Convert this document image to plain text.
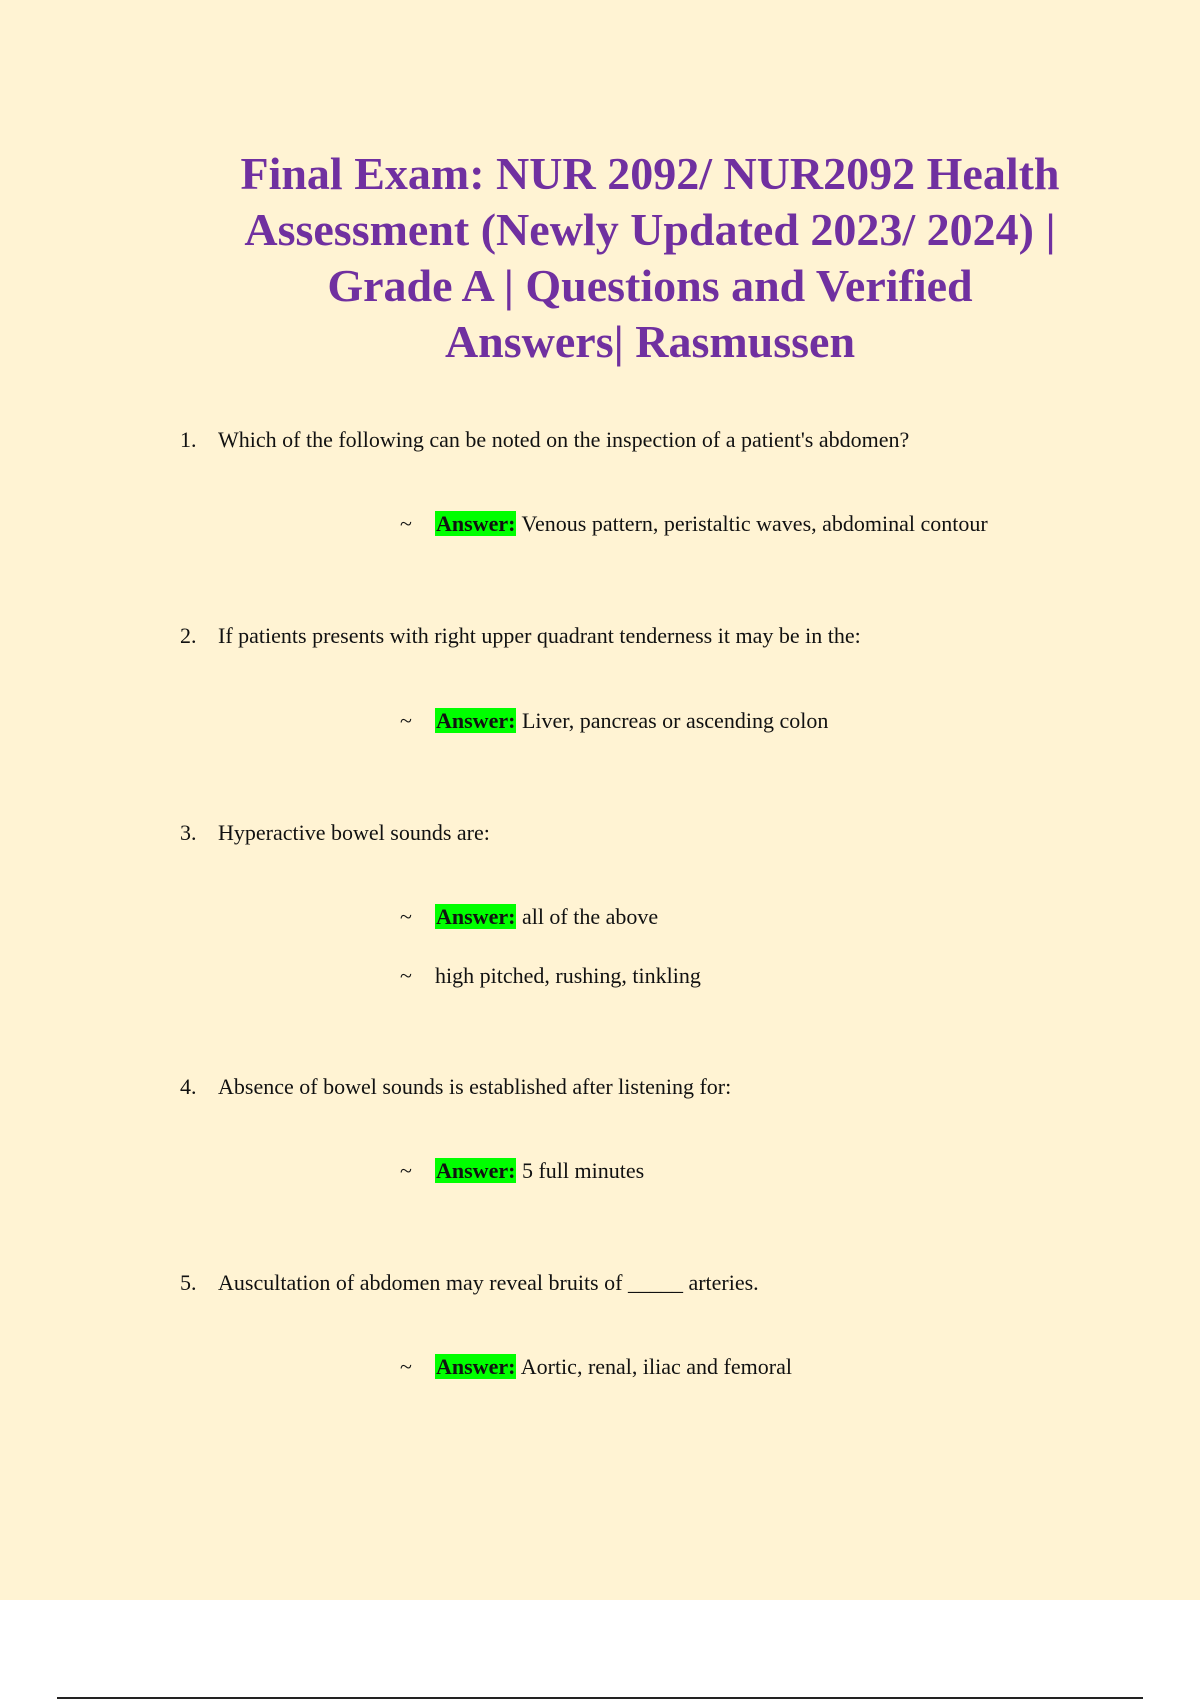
Final Exam: NUR 2092/ NUR2092 Health
Assessment (Newly Updated 2023/ 2024) |
Grade A | Questions and Verified
Answers| Rasmussen
1. Which of the following can be noted on the inspection of a patient's abdomen?
~ Answer: Venous pattern, peristaltic waves, abdominal contour
2. If patients presents with right upper quadrant tenderness it may be in the:
~ Answer: Liver, pancreas or ascending colon
3. Hyperactive bowel sounds are:
~ Answer: all of the above
~ high pitched, rushing, tinkling
4. Absence of bowel sounds is established after listening for:
~ Answer: 5 full minutes
5. Auscultation of abdomen may reveal bruits of _____ arteries.
~ Answer: Aortic, renal, iliac and femoral
